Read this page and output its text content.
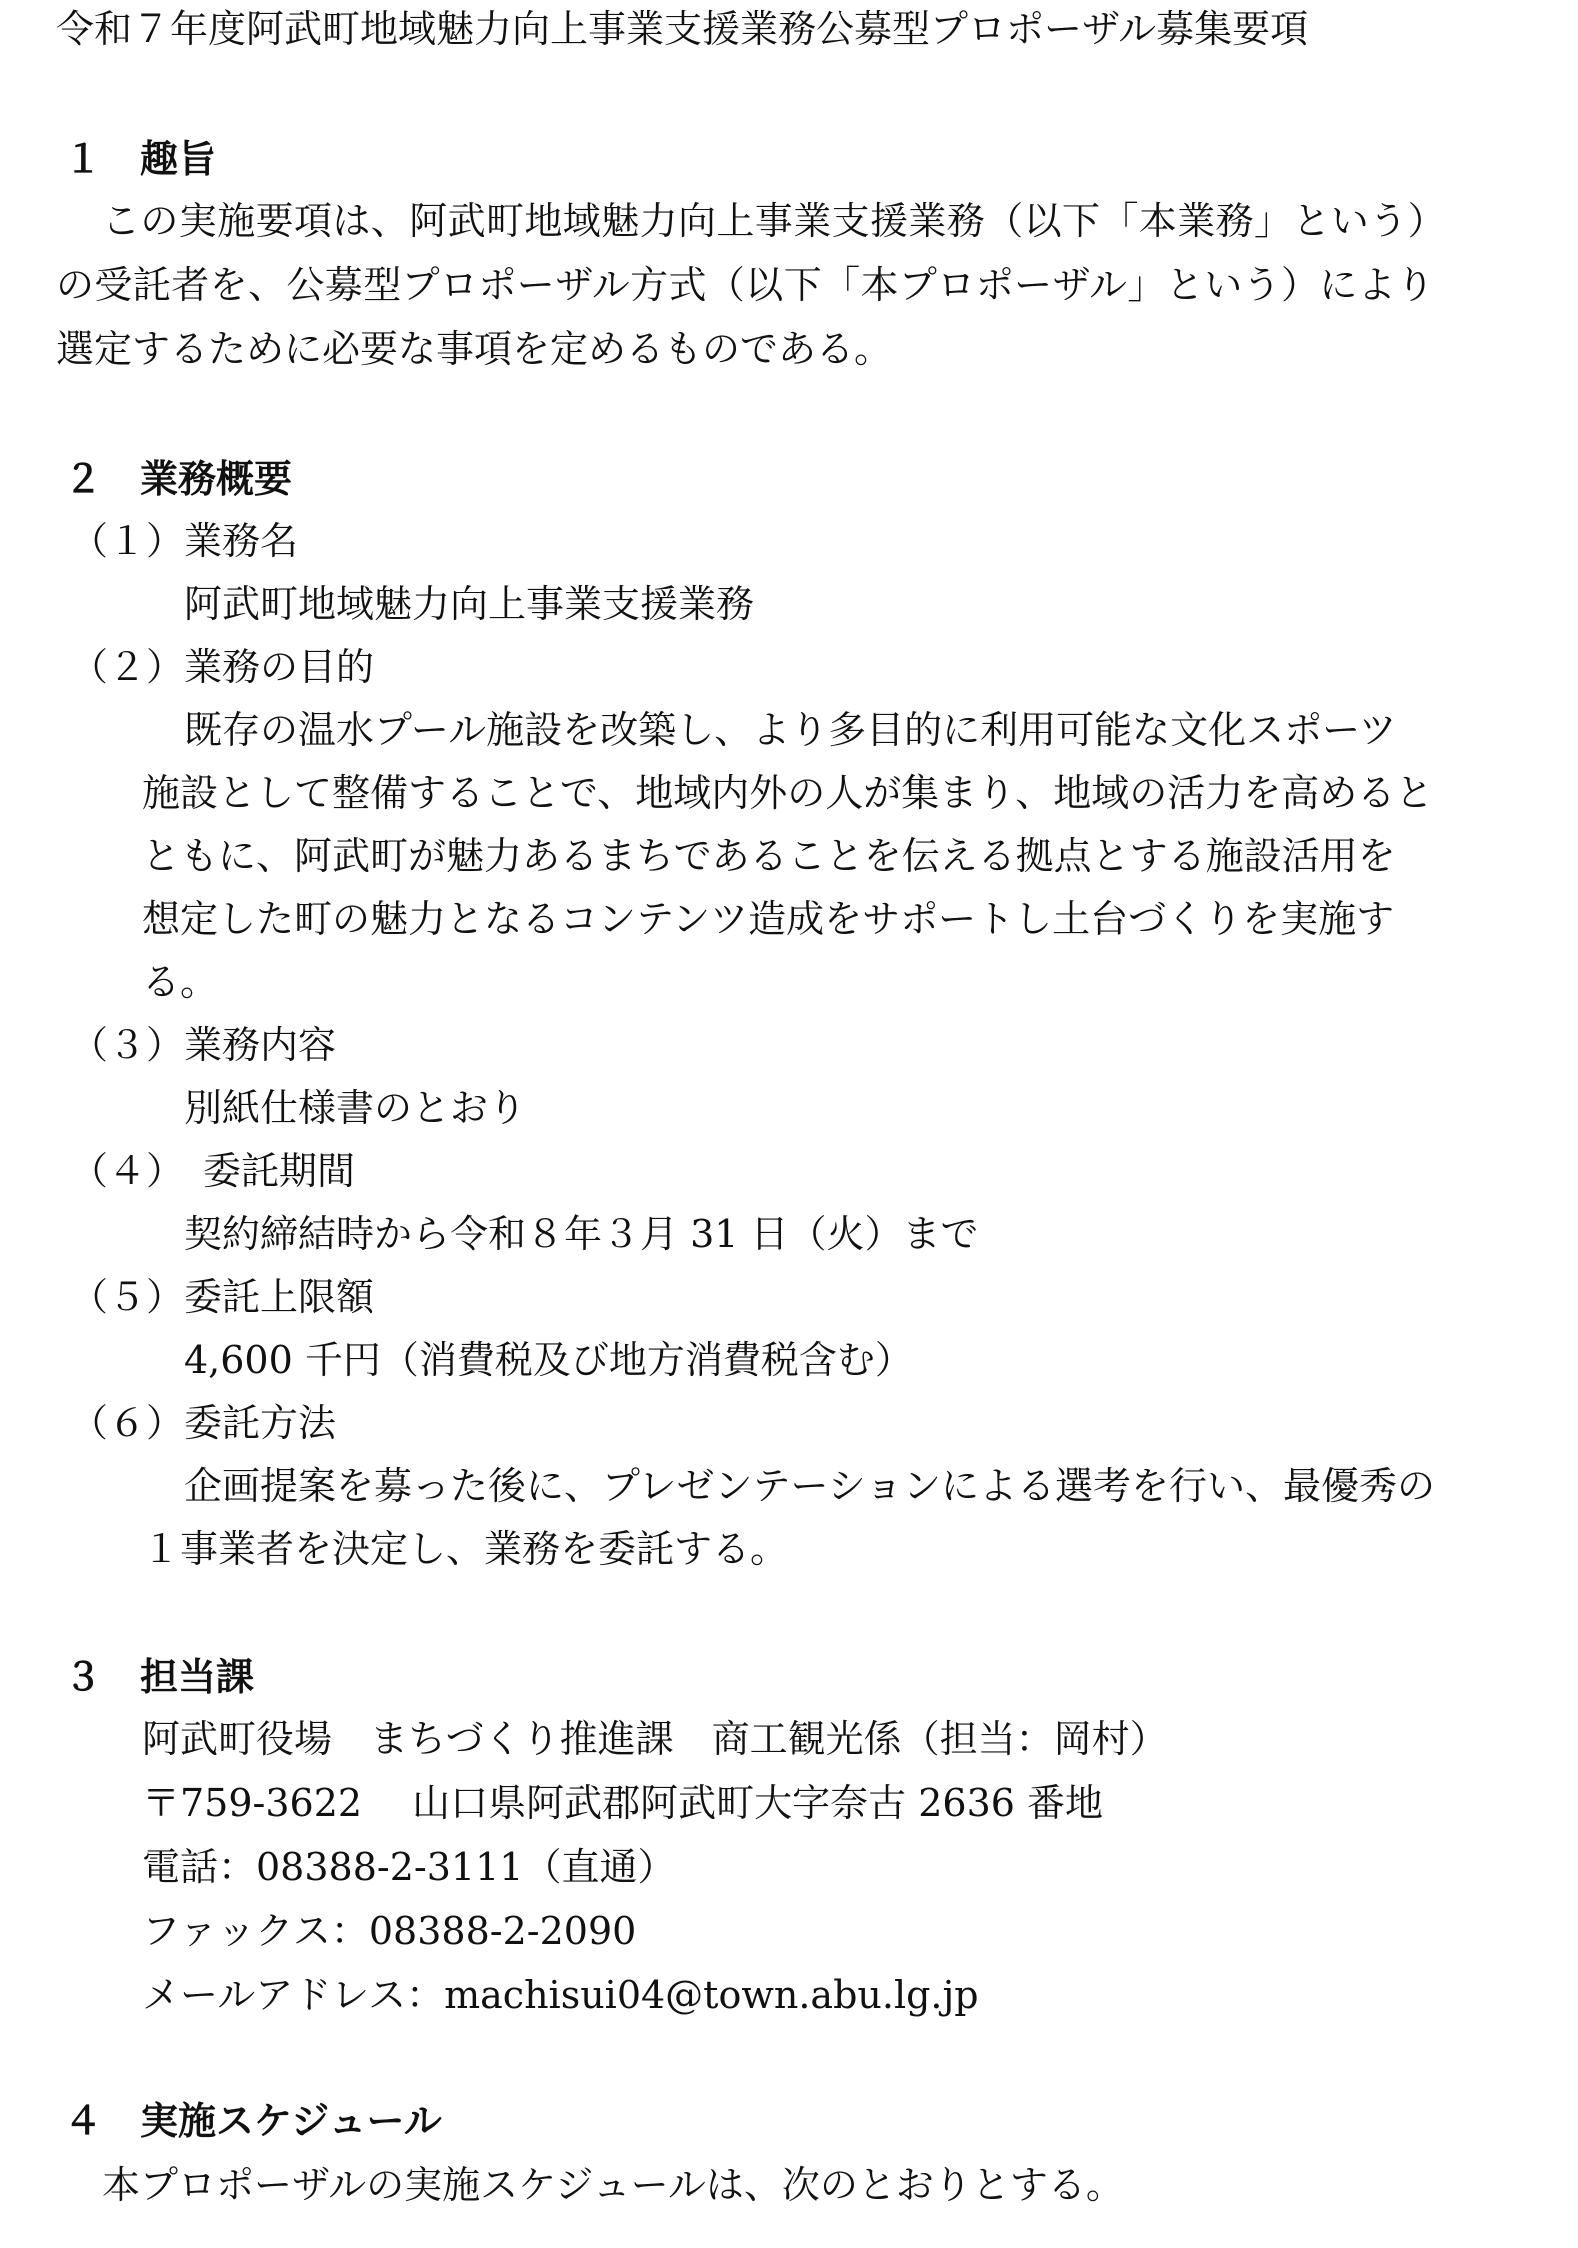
令和７年度阿武町地域魅力向上事業支援業務公募型プロポーザル募集要項
１　趣旨
この実施要項は、阿武町地域魅力向上事業支援業務（以下「本業務」という）
の受託者を、公募型プロポーザル方式（以下「本プロポーザル」という）により
選定するために必要な事項を定めるものである。
２　業務概要
（１）業務名
阿武町地域魅力向上事業支援業務
（２）業務の目的
既存の温水プール施設を改築し、より多目的に利用可能な文化スポーツ
施設として整備することで、地域内外の人が集まり、地域の活力を高めると
ともに、阿武町が魅力あるまちであることを伝える拠点とする施設活用を
想定した町の魅力となるコンテンツ造成をサポートし土台づくりを実施す
る。
（３）業務内容
別紙仕様書のとおり
（４）　委託期間
契約締結時から令和８年３月 31 日（火）まで
（５）委託上限額
4,600 千円（消費税及び地方消費税含む）
（６）委託方法
企画提案を募った後に、プレゼンテーションによる選考を行い、最優秀の
１事業者を決定し、業務を委託する。
３　担当課
阿武町役場　まちづくり推進課　商工観光係（担当：岡村）
〒759-3622　 山口県阿武郡阿武町大字奈古 2636 番地
電話：08388-2-3111（直通）
ファックス：08388-2-2090
メールアドレス：machisui04@town.abu.lg.jp
４　実施スケジュール
本プロポーザルの実施スケジュールは、次のとおりとする。
